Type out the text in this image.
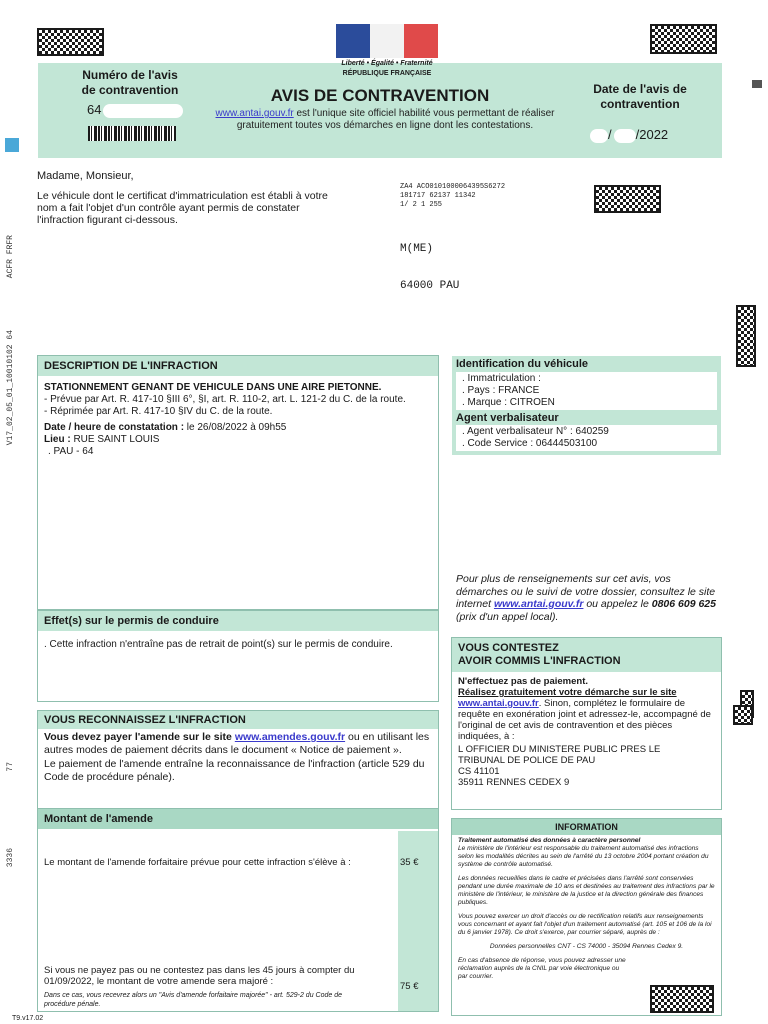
Liberté • Égalité • Fraternité
RÉPUBLIQUE FRANÇAISE
Numéro de l'avis
de contravention
64
AVIS DE CONTRAVENTION
www.antai.gouv.fr est l'unique site officiel habilité vous permettant de réaliser gratuitement toutes vos démarches en ligne dont les contestations.
Date de l'avis de
contravention
/ /2022
ACFR FRFR
V17_02_05_01_10010102 64
77
3336
Madame, Monsieur,
Le véhicule dont le certificat d'immatriculation est établi à votre nom a fait l'objet d'un contrôle ayant permis de constater l'infraction figurant ci-dessous.
ZA4 ACO0101000064395S6272
181717 62137 11342
1/ 2 1 255
M(ME)
64000 PAU
DESCRIPTION DE L'INFRACTION
STATIONNEMENT GENANT DE VEHICULE DANS UNE AIRE PIETONNE.
- Prévue par Art. R. 417-10 §III 6°, §I, art. R. 110-2, art. L. 121-2 du C. de la route.
- Réprimée par Art. R. 417-10 §IV du C. de la route.
Date / heure de constatation : le 26/08/2022 à 09h55
Lieu : RUE SAINT LOUIS
. PAU - 64
Identification du véhicule
. Immatriculation :
. Pays : FRANCE
. Marque : CITROEN
Agent verbalisateur
. Agent verbalisateur N° : 640259
. Code Service : 06444503100
Pour plus de renseignements sur cet avis, vos démarches ou le suivi de votre dossier, consultez le site internet www.antai.gouv.fr ou appelez le 0806 609 625 (prix d'un appel local).
Effet(s) sur le permis de conduire
. Cette infraction n'entraîne pas de retrait de point(s) sur le permis de conduire.	VOUS CONTESTEZ
AVOIR COMMIS L'INFRACTION
N'effectuez pas de paiement.
Réalisez gratuitement votre démarche sur le site
www.antai.gouv.fr. Sinon, complétez le formulaire de requête en exonération joint et adressez-le, accompagné de l'original de cet avis de contravention et des pièces indiquées, à :
L OFFICIER DU MINISTERE PUBLIC PRES LE
TRIBUNAL DE POLICE DE PAU
CS 41101
35911 RENNES CEDEX 9
VOUS RECONNAISSEZ L'INFRACTION
Vous devez payer l'amende sur le site www.amendes.gouv.fr ou en utilisant les autres modes de paiement décrits dans le document « Notice de paiement ».
Le paiement de l'amende entraîne la reconnaissance de l'infraction (article 529 du Code de procédure pénale).
Montant de l'amende
Le montant de l'amende forfaitaire prévue pour cette infraction s'élève à :	35 €
Si vous ne payez pas ou ne contestez pas dans les 45 jours à compter du 01/09/2022, le montant de votre amende sera majoré :
Dans ce cas, vous recevrez alors un "Avis d'amende forfaitaire majorée" - art. 529-2 du Code de procédure pénale.
75 €
INFORMATION
Traitement automatisé des données à caractère personnel
Le ministère de l'intérieur est responsable du traitement automatisé des infractions selon les modalités décrites au sein de l'arrêté du 13 octobre 2004 portant création du système de contrôle automatisé.
Les données recueillies dans le cadre et précisées dans l'arrêté sont conservées pendant une durée maximale de 10 ans et destinées au traitement des infractions par le ministère de l'intérieur, le ministère de la justice et la direction générale des finances publiques.
Vous pouvez exercer un droit d'accès ou de rectification relatifs aux renseignements vous concernant et ayant fait l'objet d'un traitement automatisé (art. 105 et 106 de la loi du 6 janvier 1978). Ce droit s'exerce, par courrier séparé, auprès de :
Données personnelles CNT - CS 74000 - 35094 Rennes Cedex 9.
En cas d'absence de réponse, vous pouvez adresser une réclamation auprès de la CNIL par voie électronique ou par courrier.
T9.v17.02
